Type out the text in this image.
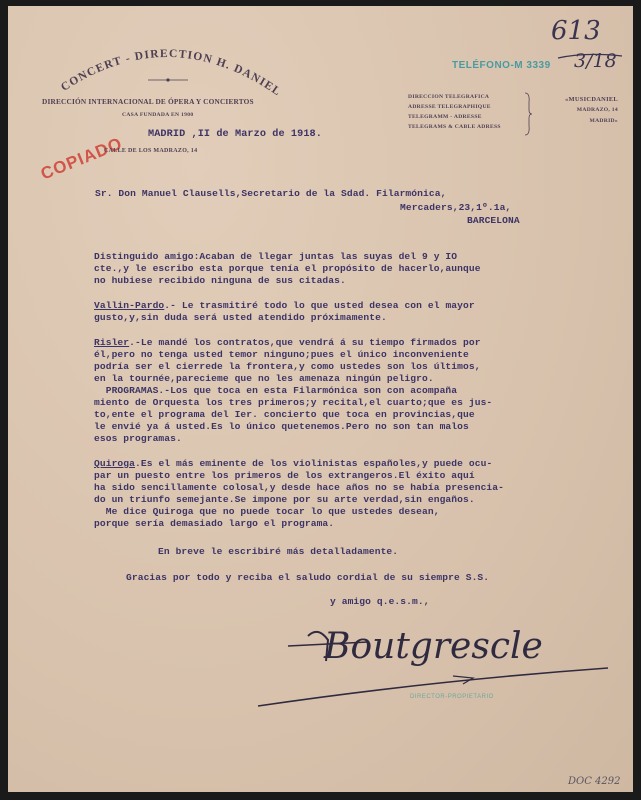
CONCERT - DIRECTION H. DANIEL
DIRECCIÓN INTERNACIONAL DE ÓPERA Y CONCIERTOS
CASA FUNDADA EN 1900
COPIADO MADRID ,II de Marzo de 1918.
CALLE DE LOS MADRAZO, 14
TELÉFONO-M 3339
DIRECCION TELEGRAFICA
ADRESSE TELEGRAPHIQUE
TELEGRAMM - ADRESSE
TELEGRAMS & CABLE ADRESS
«MUSICDANIEL
MADRAZO, 14
MADRID»
613
3/18
Sr. Don Manuel Clausells,Secretario de la Sdad. Filarmónica,
Mercaders,23,1º.1a,
BARCELONA
Distinguido amigo:Acaban de llegar juntas las suyas del 9 y IO
cte.,y le escribo esta porque tenía el propósito de hacerlo,aunque
no hubiese recibido ninguna de sus citadas.
Vallin-Pardo.- Le trasmitiré todo lo que usted desea con el mayor
gusto,y,sin duda será usted atendido próximamente.
Risler.-Le mandé los contratos,que vendrá á su tiempo firmados por
él,pero no tenga usted temor ninguno;pues el único inconveniente
podría ser el cierrede la frontera,y como ustedes son los últimos,
en la tournée,parecieme que no les amenaza ningún peligro.
PROGRAMAS.-Los que toca en esta Filarmónica son con acompaña
miento de Orquesta los tres primeros;y recital,el cuarto;que es jus-
to,ente el programa del Ier. concierto que toca en provincias,que
le envié ya á usted.Es lo único quetenemos.Pero no son tan malos
esos programas.
Quiroga.Es el más eminente de los violinistas españoles,y puede ocu-
par un puesto entre los primeros de los extrangeros.El éxito aquí
ha sido sencillamente colosal,y desde hace años no se había presencia-
do un triunfo semejante.Se impone por su arte verdad,sin engaños.
Me dice Quiroga que no puede tocar lo que ustedes desean,
porque sería demasiado largo el programa.
En breve le escribiré más detalladamente.
Gracias por todo y reciba el saludo cordial de su siempre S.S.
y amigo q.e.s.m.,
Boutgrescle
DIRECTOR-PROPIETARIO
DOC 4292
